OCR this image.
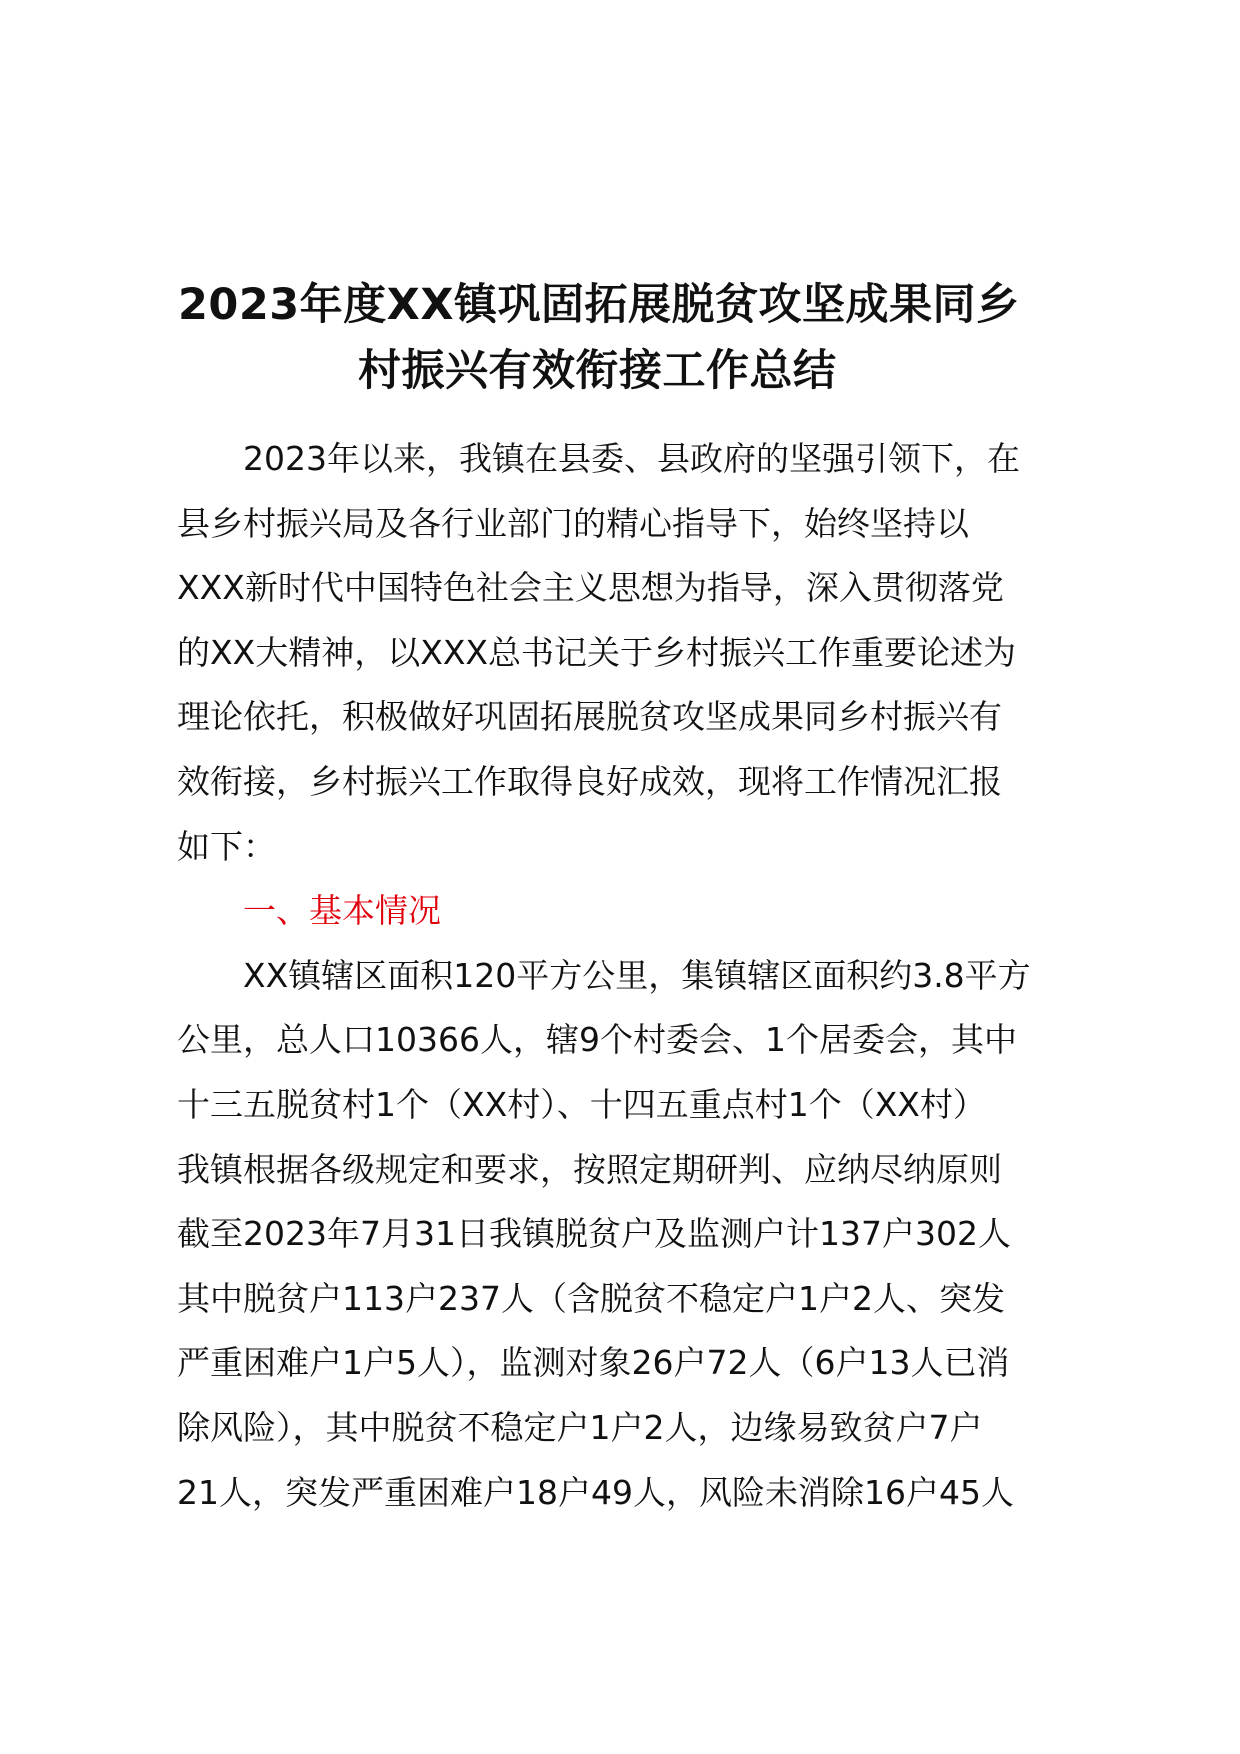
2023年度XX镇巩固拓展脱贫攻坚成果同乡
村振兴有效衔接工作总结
2023年以来，我镇在县委、县政府的坚强引领下，在
县乡村振兴局及各行业部门的精心指导下，始终坚持以
XXX新时代中国特色社会主义思想为指导，深入贯彻落党
的XX大精神，以XXX总书记关于乡村振兴工作重要论述为
理论依托，积极做好巩固拓展脱贫攻坚成果同乡村振兴有
效衔接，乡村振兴工作取得良好成效，现将工作情况汇报
如下：
一、基本情况
XX镇辖区面积120平方公里，集镇辖区面积约3.8平方
公里，总人口10366人，辖9个村委会、1个居委会，其中
十三五脱贫村1个（XX村）、十四五重点村1个（XX村）
我镇根据各级规定和要求，按照定期研判、应纳尽纳原则
截至2023年7月31日我镇脱贫户及监测户计137户302人
其中脱贫户113户237人（含脱贫不稳定户1户2人、突发
严重困难户1户5人），监测对象26户72人（6户13人已消
除风险），其中脱贫不稳定户1户2人，边缘易致贫户7户
21人，突发严重困难户18户49人，风险未消除16户45人
